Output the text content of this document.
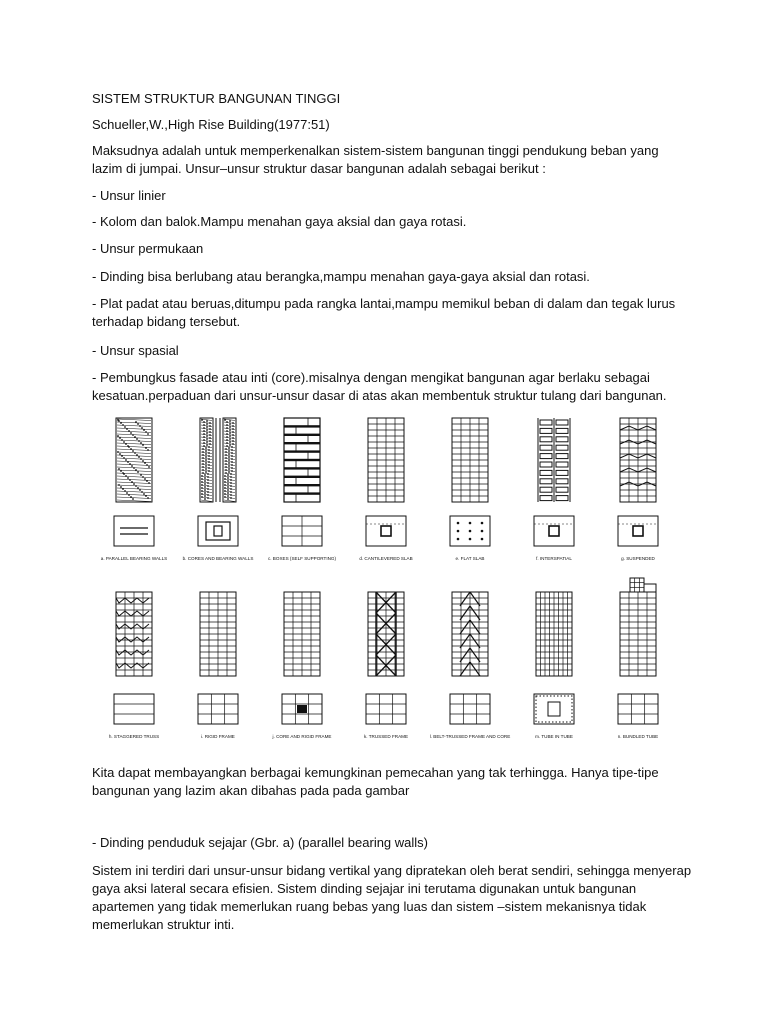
SISTEM STRUKTUR BANGUNAN TINGGI

Schueller,W.,High Rise Building(1977:51)

Maksudnya adalah untuk memperkenalkan sistem-sistem bangunan tinggi pendukung beban yang lazim di jumpai. Unsur–unsur struktur dasar bangunan adalah sebagai berikut :

- Unsur linier

- Kolom dan balok.Mampu menahan gaya aksial dan gaya rotasi.

- Unsur permukaan

- Dinding bisa berlubang atau berangka,mampu menahan gaya-gaya aksial dan rotasi.

- Plat padat atau beruas,ditumpu pada rangka lantai,mampu memikul beban di dalam dan tegak lurus terhadap bidang tersebut.

- Unsur spasial

- Pembungkus fasade atau inti (core).misalnya dengan mengikat bangunan agar berlaku sebagai kesatuan.perpaduan dari unsur-unsur dasar di atas akan membentuk struktur tulang dari bangunan.

a. PARALLEL BEARING WALLS	b. CORES AND BEARING WALLS	c. BOXES (SELF SUPPORTING)	d. CANTILEVERED SLAB	e. FLAT SLAB	f. INTERSPATIAL	g. SUSPENDED
h. STAGGERED TRUSS	i. RIGID FRAME	j. CORE AND RIGID FRAME	k. TRUSSED FRAME	l. BELT-TRUSSED FRAME AND CORE	m. TUBE IN TUBE	n. BUNDLED TUBE

Kita dapat membayangkan berbagai kemungkinan pemecahan yang tak terhingga. Hanya tipe-tipe bangunan yang lazim akan dibahas pada pada gambar

- Dinding penduduk sejajar (Gbr. a) (parallel bearing walls)

Sistem ini terdiri dari unsur-unsur bidang vertikal yang dipratekan oleh berat sendiri, sehingga menyerap gaya aksi lateral secara efisien. Sistem dinding sejajar ini terutama digunakan untuk bangunan apartemen yang tidak memerlukan ruang bebas yang luas dan sistem –sistem mekanisnya tidak memerlukan struktur inti.
